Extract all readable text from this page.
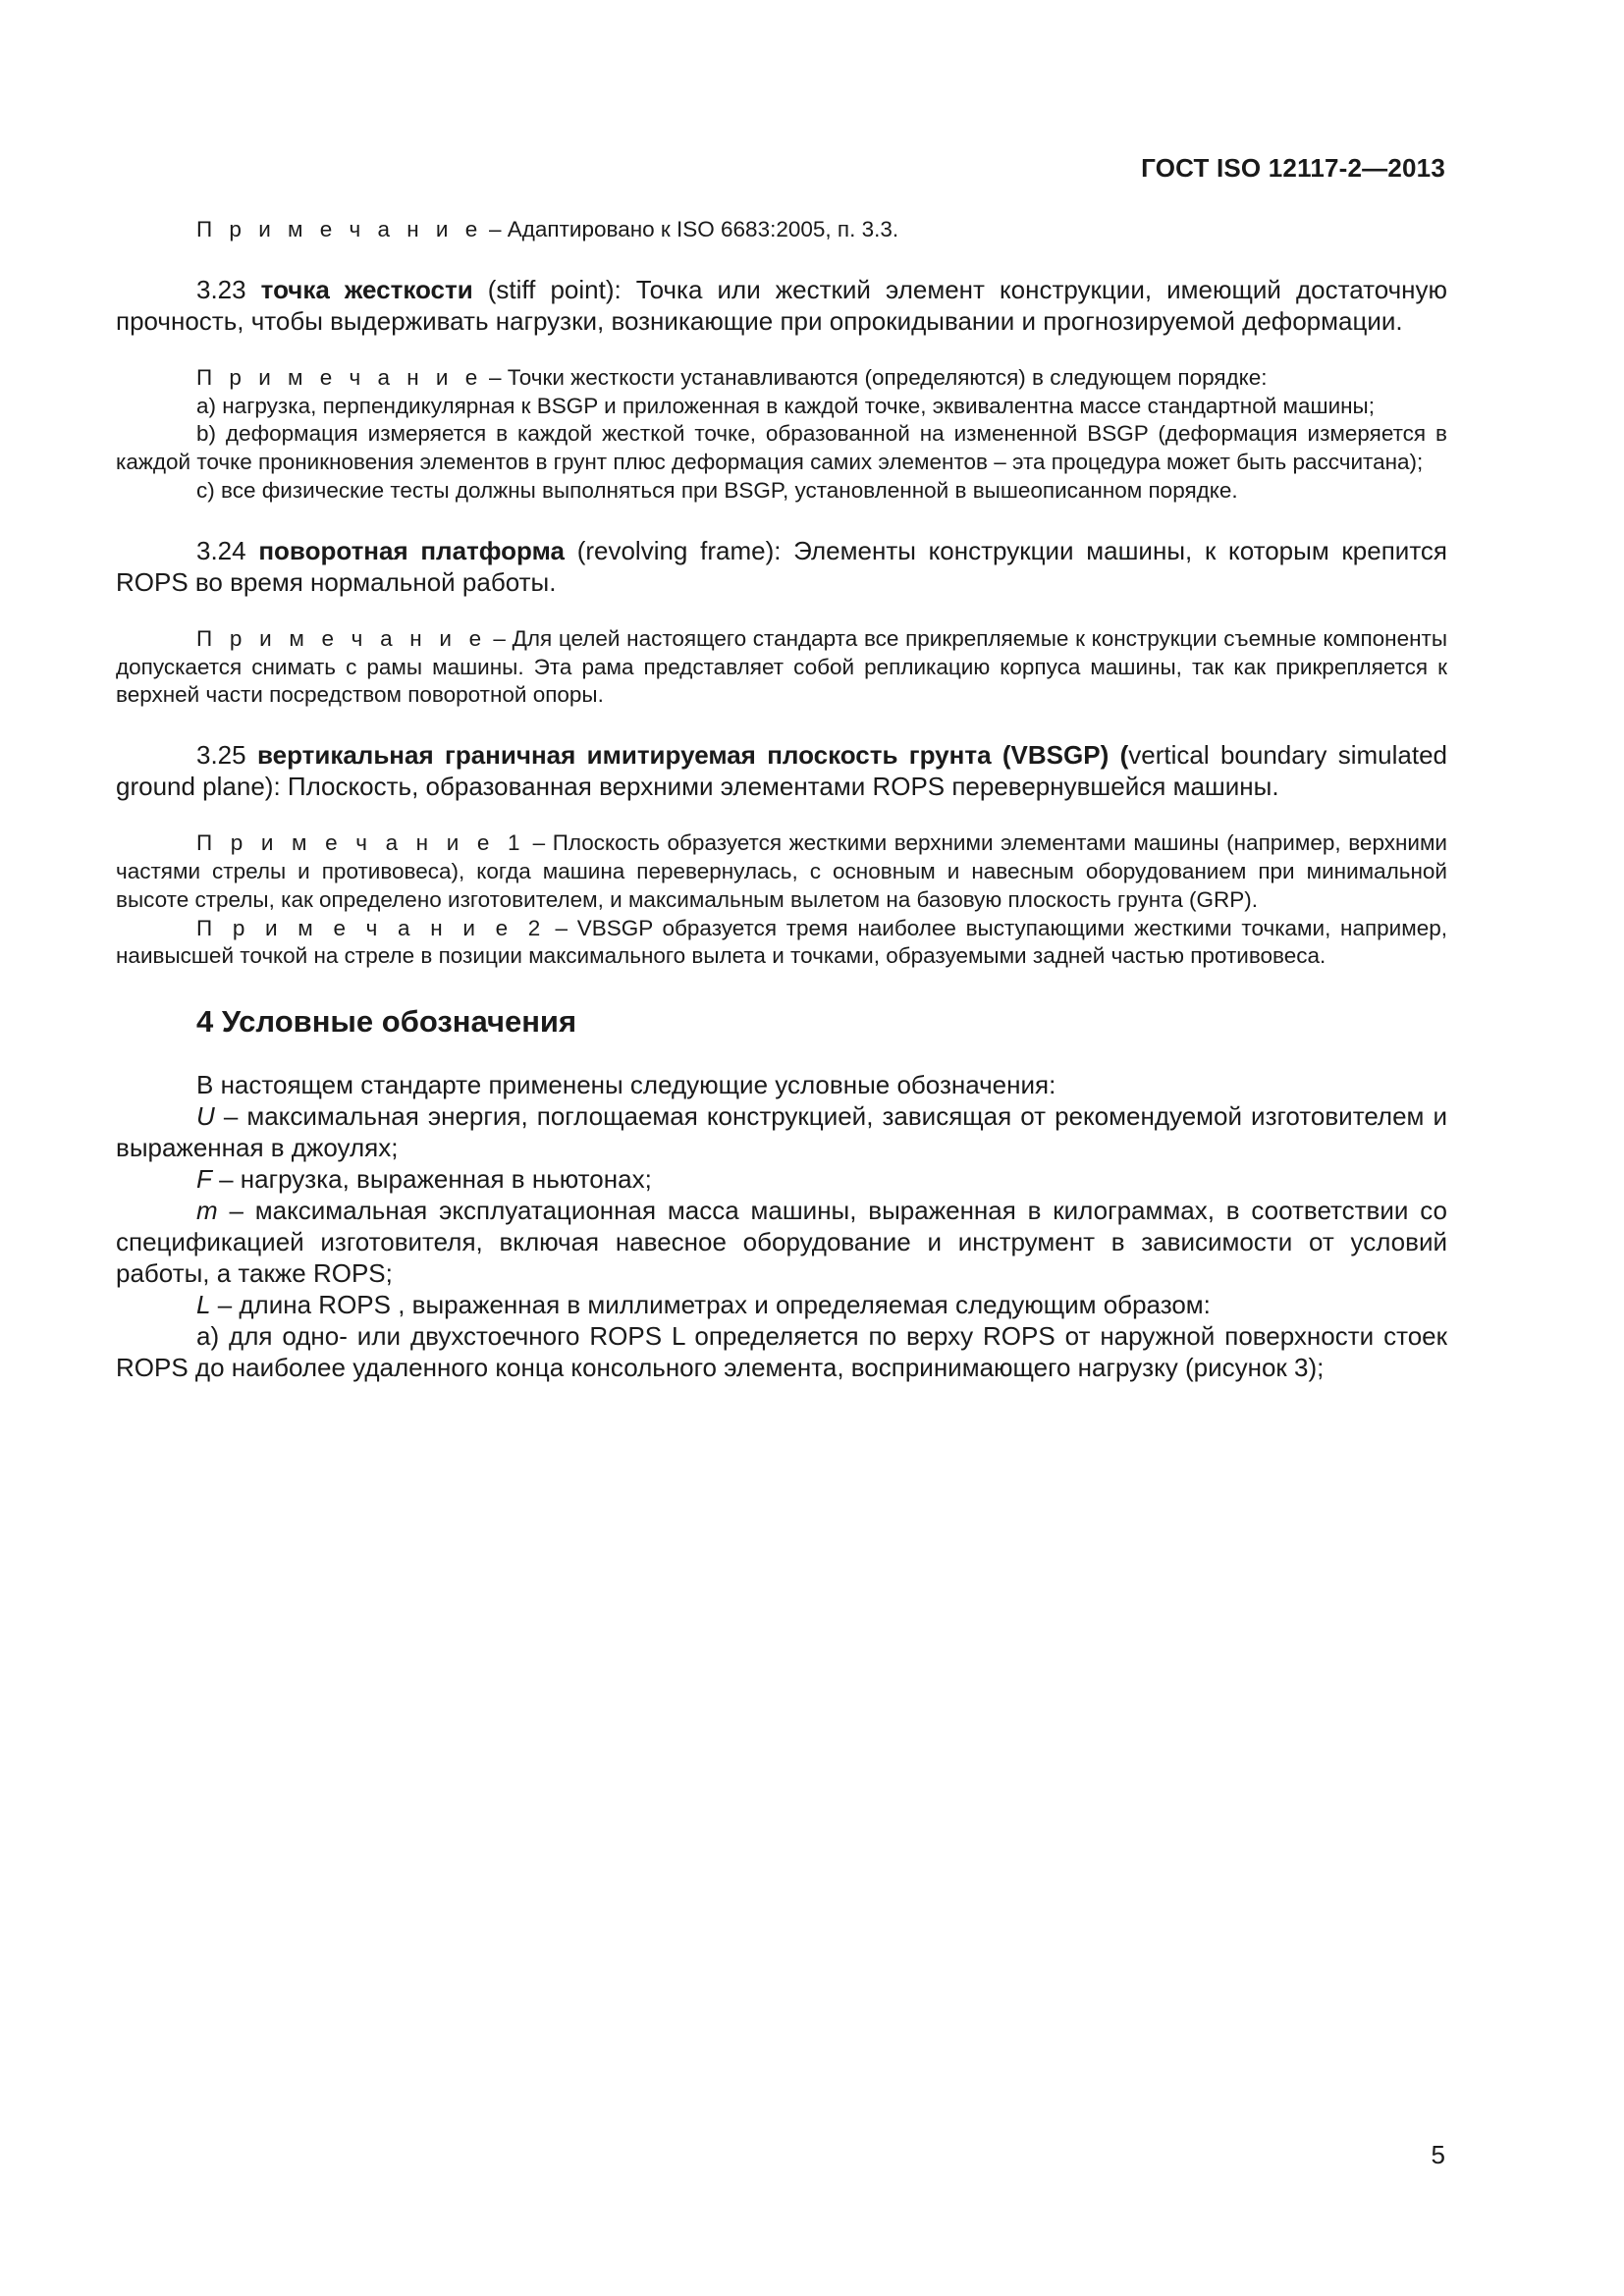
ГОСТ ISO 12117-2—2013

П р и м е ч а н и е – Адаптировано к ISO 6683:2005, п. 3.3.

3.23 точка жесткости (stiff point): Точка или жесткий элемент конструкции, имеющий достаточную прочность, чтобы выдерживать нагрузки, возникающие при опрокидывании и прогнозируемой деформации.

П р и м е ч а н и е – Точки жесткости устанавливаются (определяются) в следующем порядке:

а) нагрузка, перпендикулярная к BSGP и приложенная в каждой точке, эквивалентна массе стандартной машины;

b) деформация измеряется в каждой жесткой точке, образованной на измененной BSGP (деформация измеряется в каждой точке проникновения элементов в грунт плюс деформация самих элементов – эта процедура может быть рассчитана);

с) все физические тесты должны выполняться при BSGP, установленной в вышеописанном порядке.

3.24 поворотная платформа (revolving frame): Элементы конструкции машины, к которым крепится ROPS во время нормальной работы.

П р и м е ч а н и е – Для целей настоящего стандарта все прикрепляемые к конструкции съемные компоненты допускается снимать с рамы машины. Эта рама представляет собой репликацию корпуса машины, так как прикрепляется к верхней части посредством поворотной опоры.

3.25 вертикальная граничная имитируемая плоскость грунта (VBSGP) (vertical boundary simulated ground plane): Плоскость, образованная верхними элементами ROPS перевернувшейся машины.

П р и м е ч а н и е 1 – Плоскость образуется жесткими верхними элементами машины (например, верхними частями стрелы и противовеса), когда машина перевернулась, с основным и навесным оборудованием при минимальной высоте стрелы, как определено изготовителем, и максимальным вылетом на базовую плоскость грунта (GRP).

П р и м е ч а н и е 2 – VBSGP образуется тремя наиболее выступающими жесткими точками, например, наивысшей точкой на стреле в позиции максимального вылета и точками, образуемыми задней частью противовеса.

4 Условные обозначения

В настоящем стандарте применены следующие условные обозначения:

U – максимальная энергия, поглощаемая конструкцией, зависящая от рекомендуемой изготовителем и выраженная в джоулях;

F – нагрузка, выраженная в ньютонах;

m – максимальная эксплуатационная масса машины, выраженная в килограммах, в соответствии со спецификацией изготовителя, включая навесное оборудование и инструмент в зависимости от условий работы, а также ROPS;

L – длина ROPS , выраженная в миллиметрах и определяемая следующим образом:

а) для одно- или двухстоечного ROPS L определяется по верху ROPS от наружной поверхности стоек ROPS до наиболее удаленного конца консольного элемента, воспринимающего нагрузку (рисунок 3);

5
